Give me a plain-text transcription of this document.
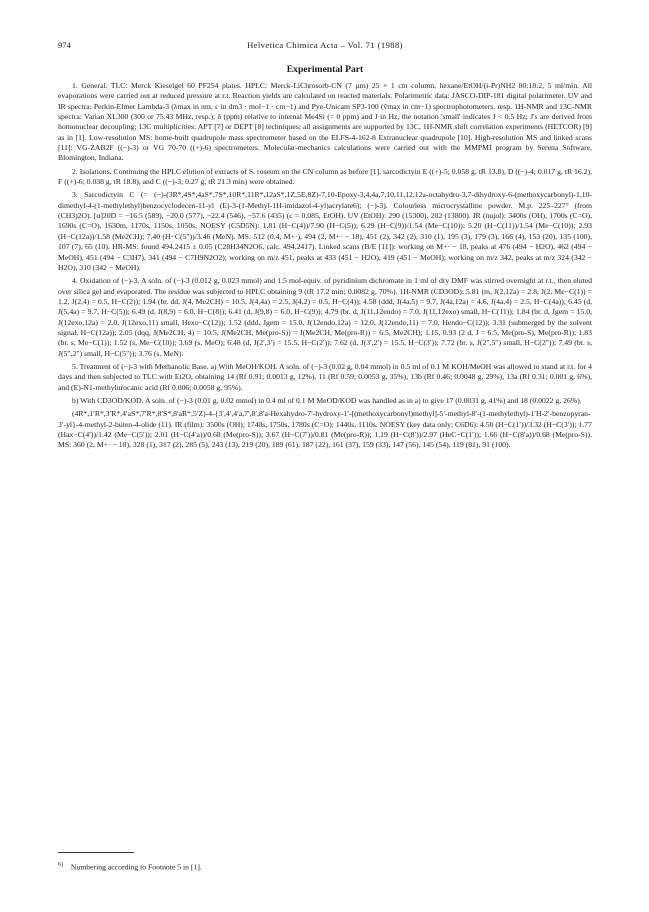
974	Helvetica Chimica Acta – Vol. 71 (1988)
Experimental Part

1. General. TLC: Merck Kieselgel 60 PF254 plates. HPLC: Merck-LiChrosorb-CN (7 µm) 25 × 1 cm column, hexane/EtOH/(i-Pr)NH2 80:18:2, 5 ml/min. All evaporations were carried out at reduced pressure at r.t. Reaction yields are calculated on reacted materials. Polarimetric data: JASCO-DIP-181 digital polarimeter. UV and IR spectra: Perkin-Elmer Lambda-3 (λmax in nm, ε in dm3 · mol−1 · cm−1) and Pye-Unicam SP3-100 (ṽmax in cm−1) spectrophotometers, resp. 1H-NMR and 13C-NMR spectra: Varian XL300 (300 or 75.43 MHz, resp.); δ (ppm) relative to internal Me4Si (= 0 ppm) and J in Hz, the notation 'small' indicates J < 0.5 Hz; J's are derived from homonuclear decoupling; 13C multiplicities: APT [7] or DEPT [8] techniques; all assignments are supported by 13C, 1H-NMR shift correlation experiments (HETCOR) [9] as in [1]. Low-resolution MS: home-built quadrupole mass spectrometer based on the ELFS-4-162-8 Extranuclear quadrupole [10]. High-resolution MS and linked scans [11]: VG-ZAB2F ((−)-3) or VG 70-70 ((+)-6) spectrometers. Molecular-mechanics calculations were carried out with the MMPMI program by Serena Software, Blomington, Indiana.

2. Isolations. Continuing the HPLC elution of extracts of S. roseum on the CN column as before [1], sarcodictyin E ((+)-5; 0.058 g, tR 13.8), D ((−)-4; 0.017 g, tR 16.2), F ((+)-6; 0.038 g, tR 18.8), and C ((−)-3; 0.27 g, tR 21.3 min) were obtained.

3. Sarcodictyin C (= (−)-(3R*,4S*,4aS*,7S*,10R*,11R*,12aS*,1Z,5E,8Z)-7,10-Epoxy-3,4,4a,7,10,11,12,12a-octahydro-3,7-dihydroxy-6-(methoxycarbonyl)-1,10-dimethyl-4-(1-methylethyl)benzocyclodecen-11-yl (E)-3-(1-Methyl-1H-imidazol-4-yl)acrylate6); (−)-3). Colourless microcrystalline powder. M.p. 225–227° (from (CH3)2O). [α]20D = −16.5 (589), −20.0 (577), −22.4 (546), −57.6 (435) (c = 0.085, EtOH). UV (EtOH): 290 (15300), 202 (13800). IR (nujol): 3400s (OH), 1700s (C=O), 1690s (C=O), 1630m, 1170s, 1150s, 1050s. NOESY (C5D5N): 1.81 (H−C(4))/7.90 (H−C(5)); 6.29 (H−C(9))/1.54 (Me−C(10)); 5.20 (H−C(11))/1.54 (Me−C(10)); 2.93 (H−C(12a))/1.58 (Me2CH); 7.40 (H−C(5″))/3.46 (MeN). MS: 512 (0.4, M+·), 494 (2, M+· − 18), 451 (2), 342 (2), 310 (1), 195 (3), 179 (3), 166 (4), 153 (20), 135 (100), 107 (7), 65 (10). HR-MS: found 494.2415 ± 0.05 (C28H34N2O6, calc. 494.2417). Linked scans (B/E [11]): working on M+· − 18, peaks at 476 (494 − H2O), 462 (494 − MeOH), 451 (494 − C3H7), 341 (494 − C7H9N2O2); working on m/z 451, peaks at 433 (451 − H2O), 419 (451 − MeOH); working on m/z 342, peaks at m/z 324 (342 − H2O), 310 (342 − MeOH).

4. Oxidation of (−)-3. A soln. of (−)-3 (0.012 g, 0.023 mmol) and 1.5 mol-equiv. of pyridinium dichromate in 1 ml of dry DMF was stirred overnight at r.t., then eluted over silica gel and evaporated. The residue was subjected to HPLC obtaining 9 (tR 17.2 min; 0.0082 g, 70%). 1H-NMR (CD3OD): 5.81 (m, J(2,12a) = 2.8, J(2, Me−C(1)) = 1.2, J(2,4) = 0.5, H−C(2)); 1.94 (br. dd, J(4, Me2CH) = 10.5, J(4,4a) = 2.5, J(4,2) = 0.5, H−C(4)); 4.58 (ddd, J(4a,5) = 9.7, J(4a,12a) = 4.6, J(4a,4) = 2.5, H−C(4a)); 6.45 (d, J(5,4a) = 9.7, H−C(5)); 6.49 (d, J(8,9) = 6.0, H−C(8)); 6.41 (d, J(9,8) = 6.0, H−C(9)); 4.79 (br. d, J(11,12endo) = 7.0, J(11,12exo) small, H−C(11)); 1.84 (br. d, Jgem = 15.0, J(12exo,12a) = 2.0, J(12exo,11) small, Hexo−C(12)); 1.52 (ddd, Jgem = 15.0, J(12endo,12a) = 12.0, J(12endo,11) = 7.0, Hendo−C(12)); 3.31 (submerged by the solvent signal, H−C(12a)); 2.05 (dqq, J(Me2CH, 4) = 10.5, J(Me2CH, Me(pro-S)) = J(Me2CH, Me(pro-R)) = 6.5, Me2CH); 1.15, 0.93 (2 d, J = 6.5, Me(pro-S), Me(pro-R)); 1.83 (br. s, Me−C(1)); 1.52 (s, Me−C(10)); 3.69 (s, MeO); 6.48 (d, J(2′,3′) = 15.5, H−C(2′)); 7.62 (d, J(3′,2′) = 15.5, H−C(3′)); 7.72 (br. s, J(2″,5″) small, H−C(2″)); 7.49 (br. s, J(5″,2″) small, H−C(5″)); 3.76 (s, MeN).

5. Treatment of (−)-3 with Methanolic Base. a) With MeOH/KOH. A soln. of (−)-3 (0.02 g, 0.04 mmol) in 0.5 ml of 0.1 M KOH/MeOH was allowed to stand at r.t. for 4 days and then subjected to TLC with Et2O, obtaining 14 (Rf 0.91; 0.0013 g, 12%), 11 (Rf 0.59; 0.0053 g, 35%), 13b (Rf 0.46; 0.0048 g, 29%), 13a (Rf 0.31; 0.001 g, 6%), and (E)-N1-methylurocanic acid (Rf 0.006; 0.0058 g, 95%).

b) With CD3OD/KOD. A soln. of (−)-3 (0.01 g, 0.02 mmol) in 0.4 ml of 0.1 M MeOD/KOD was handled as in a) to give 17 (0.0031 g, 41%) and 18 (0.0022 g, 26%).

(4R*,1′R*,3′R*,4′aS*,7′R*,8′S*,8′aR*,5′Z)-4-{3′,4′,4′a,7′,8′,8′a-Hexahydro-7′-hydroxy-1′-[(methoxycarbonyl)methyl]-5′-methyl-8′-(1-methylethyl)-1′H-2′-benzopyran-3′-yl}-4-methyl-2-buten-4-olide (11). IR (film): 3500s (OH); 1740s, 1750s, 1780s (C=O); 1440s, 1110s. NOESY (key data only; C6D6): 4.50 (H−C(1′))/3.32 (H−C(3′)); 1.77 (Hax−C(4′))/1.42 (Me−C(5′)); 2.01 (H−C(4′a))/0.68 (Me(pro-S)); 3.67 (H−C(7′))/0.81 (Me(pro-R)); 1.19 (H−C(8′))/2.97 (HeC−C(1′)); 1.66 (H−C(8′a))/0.68 (Me(pro-S)). MS: 360 (2, M+· − 18), 328 (1), 317 (2), 285 (5), 243 (13), 219 (20), 189 (61), 187 (22), 161 (37), 159 (33), 147 (56), 145 (54), 119 (81), 91 (100).

$^{6)}$ Numbering according to Footnote 5 in [1].
